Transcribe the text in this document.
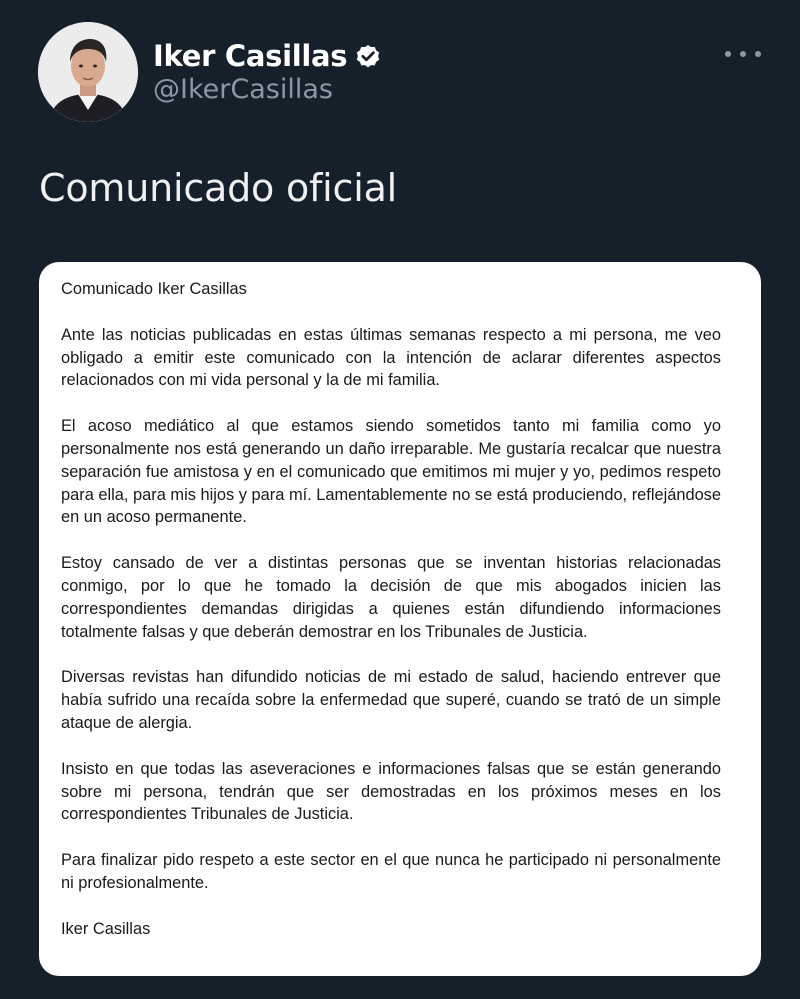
Iker Casillas
@IkerCasillas
Comunicado oficial

Comunicado Iker Casillas

Ante las noticias publicadas en estas últimas semanas respecto a mi persona, me veo obligado a emitir este comunicado con la intención de aclarar diferentes aspectos relacionados con mi vida personal y la de mi familia.

El acoso mediático al que estamos siendo sometidos tanto mi familia como yo personalmente nos está generando un daño irreparable. Me gustaría recalcar que nuestra separación fue amistosa y en el comunicado que emitimos mi mujer y yo, pedimos respeto para ella, para mis hijos y para mí. Lamentablemente no se está produciendo, reflejándose en un acoso permanente.

Estoy cansado de ver a distintas personas que se inventan historias relacionadas conmigo, por lo que he tomado la decisión de que mis abogados inicien las correspondientes demandas dirigidas a quienes están difundiendo informaciones totalmente falsas y que deberán demostrar en los Tribunales de Justicia.

Diversas revistas han difundido noticias de mi estado de salud, haciendo entrever que había sufrido una recaída sobre la enfermedad que superé, cuando se trató de un simple ataque de alergia.

Insisto en que todas las aseveraciones e informaciones falsas que se están generando sobre mi persona, tendrán que ser demostradas en los próximos meses en los correspondientes Tribunales de Justicia.

Para finalizar pido respeto a este sector en el que nunca he participado ni personalmente ni profesionalmente.

Iker Casillas
